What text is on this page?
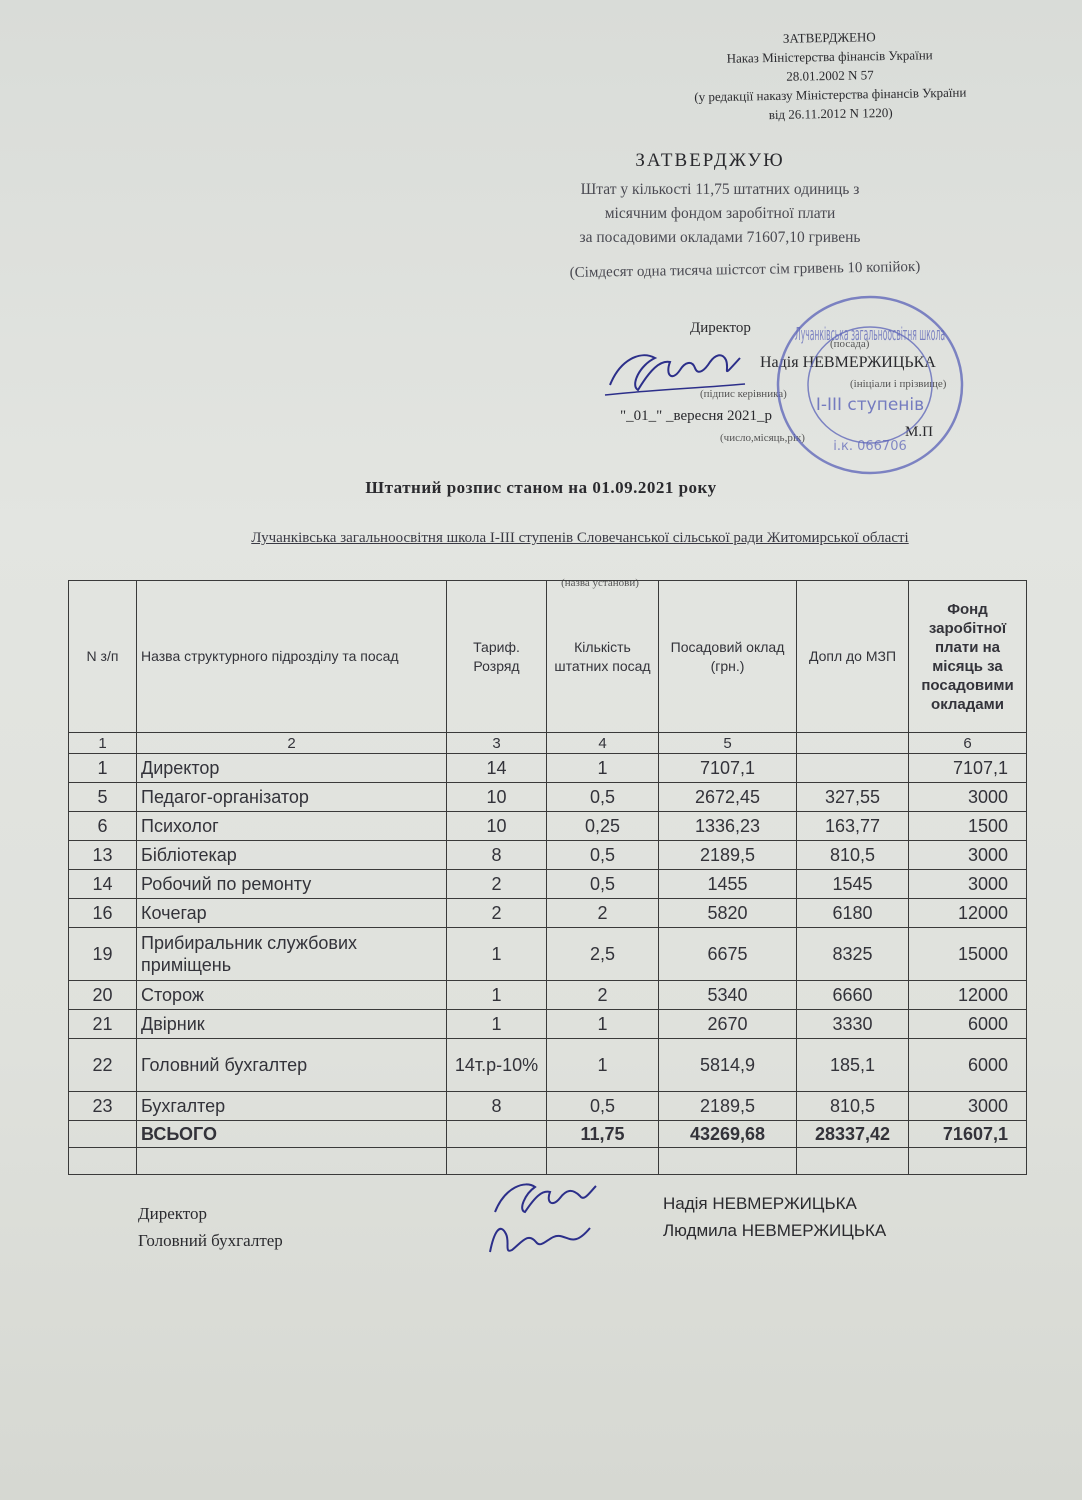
ЗАТВЕРДЖЕНО
Наказ Міністерства фінансів України
28.01.2002 N 57
(у редакції наказу Міністерства фінансів України
від 26.11.2012 N 1220)
ЗАТВЕРДЖУЮ
Штат у кількості 11,75 штатних одиниць з
місячним фондом заробітної плати
за посадовими окладами 71607,10 гривень
(Сімдесят одна тисяча шістсот сім гривень 10 копійок)
Директор
(посада)
Надія НЕВМЕРЖИЦЬКА
(підпис керівника)
(ініціали і прізвище)
"_01_" _вересня 2021_р
(число,місяць,рік)	М.П
Лучанківська загальноосвітня школа
І-ІІІ ступенів
і.к. 066706
Штатний розпис станом на 01.09.2021 року
Лучанківська загальноосвітня школа І-ІІІ ступенів Словечанської сільської ради Житомирської області
(назва установи)
N з/п	Назва структурного підрозділу та посад	Тариф. Розряд	Кількість штатних посад	Посадовий оклад (грн.)	Допл до МЗП	Фонд заробітної плати на місяць за посадовими окладами
1	2	3	4	5		6
1	Директор	14	1	7107,1		7107,1
5	Педагог-організатор	10	0,5	2672,45	327,55	3000
6	Психолог	10	0,25	1336,23	163,77	1500
13	Бібліотекар	8	0,5	2189,5	810,5	3000
14	Робочий по ремонту	2	0,5	1455	1545	3000
16	Кочегар	2	2	5820	6180	12000
19	Прибиральник службових приміщень	1	2,5	6675	8325	15000
20	Сторож	1	2	5340	6660	12000
21	Двірник	1	1	2670	3330	6000
22	Головний бухгалтер	14т.р-10%	1	5814,9	185,1	6000
23	Бухгалтер	8	0,5	2189,5	810,5	3000
	ВСЬОГО		11,75	43269,68	28337,42	71607,1

Директор
Головний бухгалтер
Надія НЕВМЕРЖИЦЬКА
Людмила НЕВМЕРЖИЦЬКА
